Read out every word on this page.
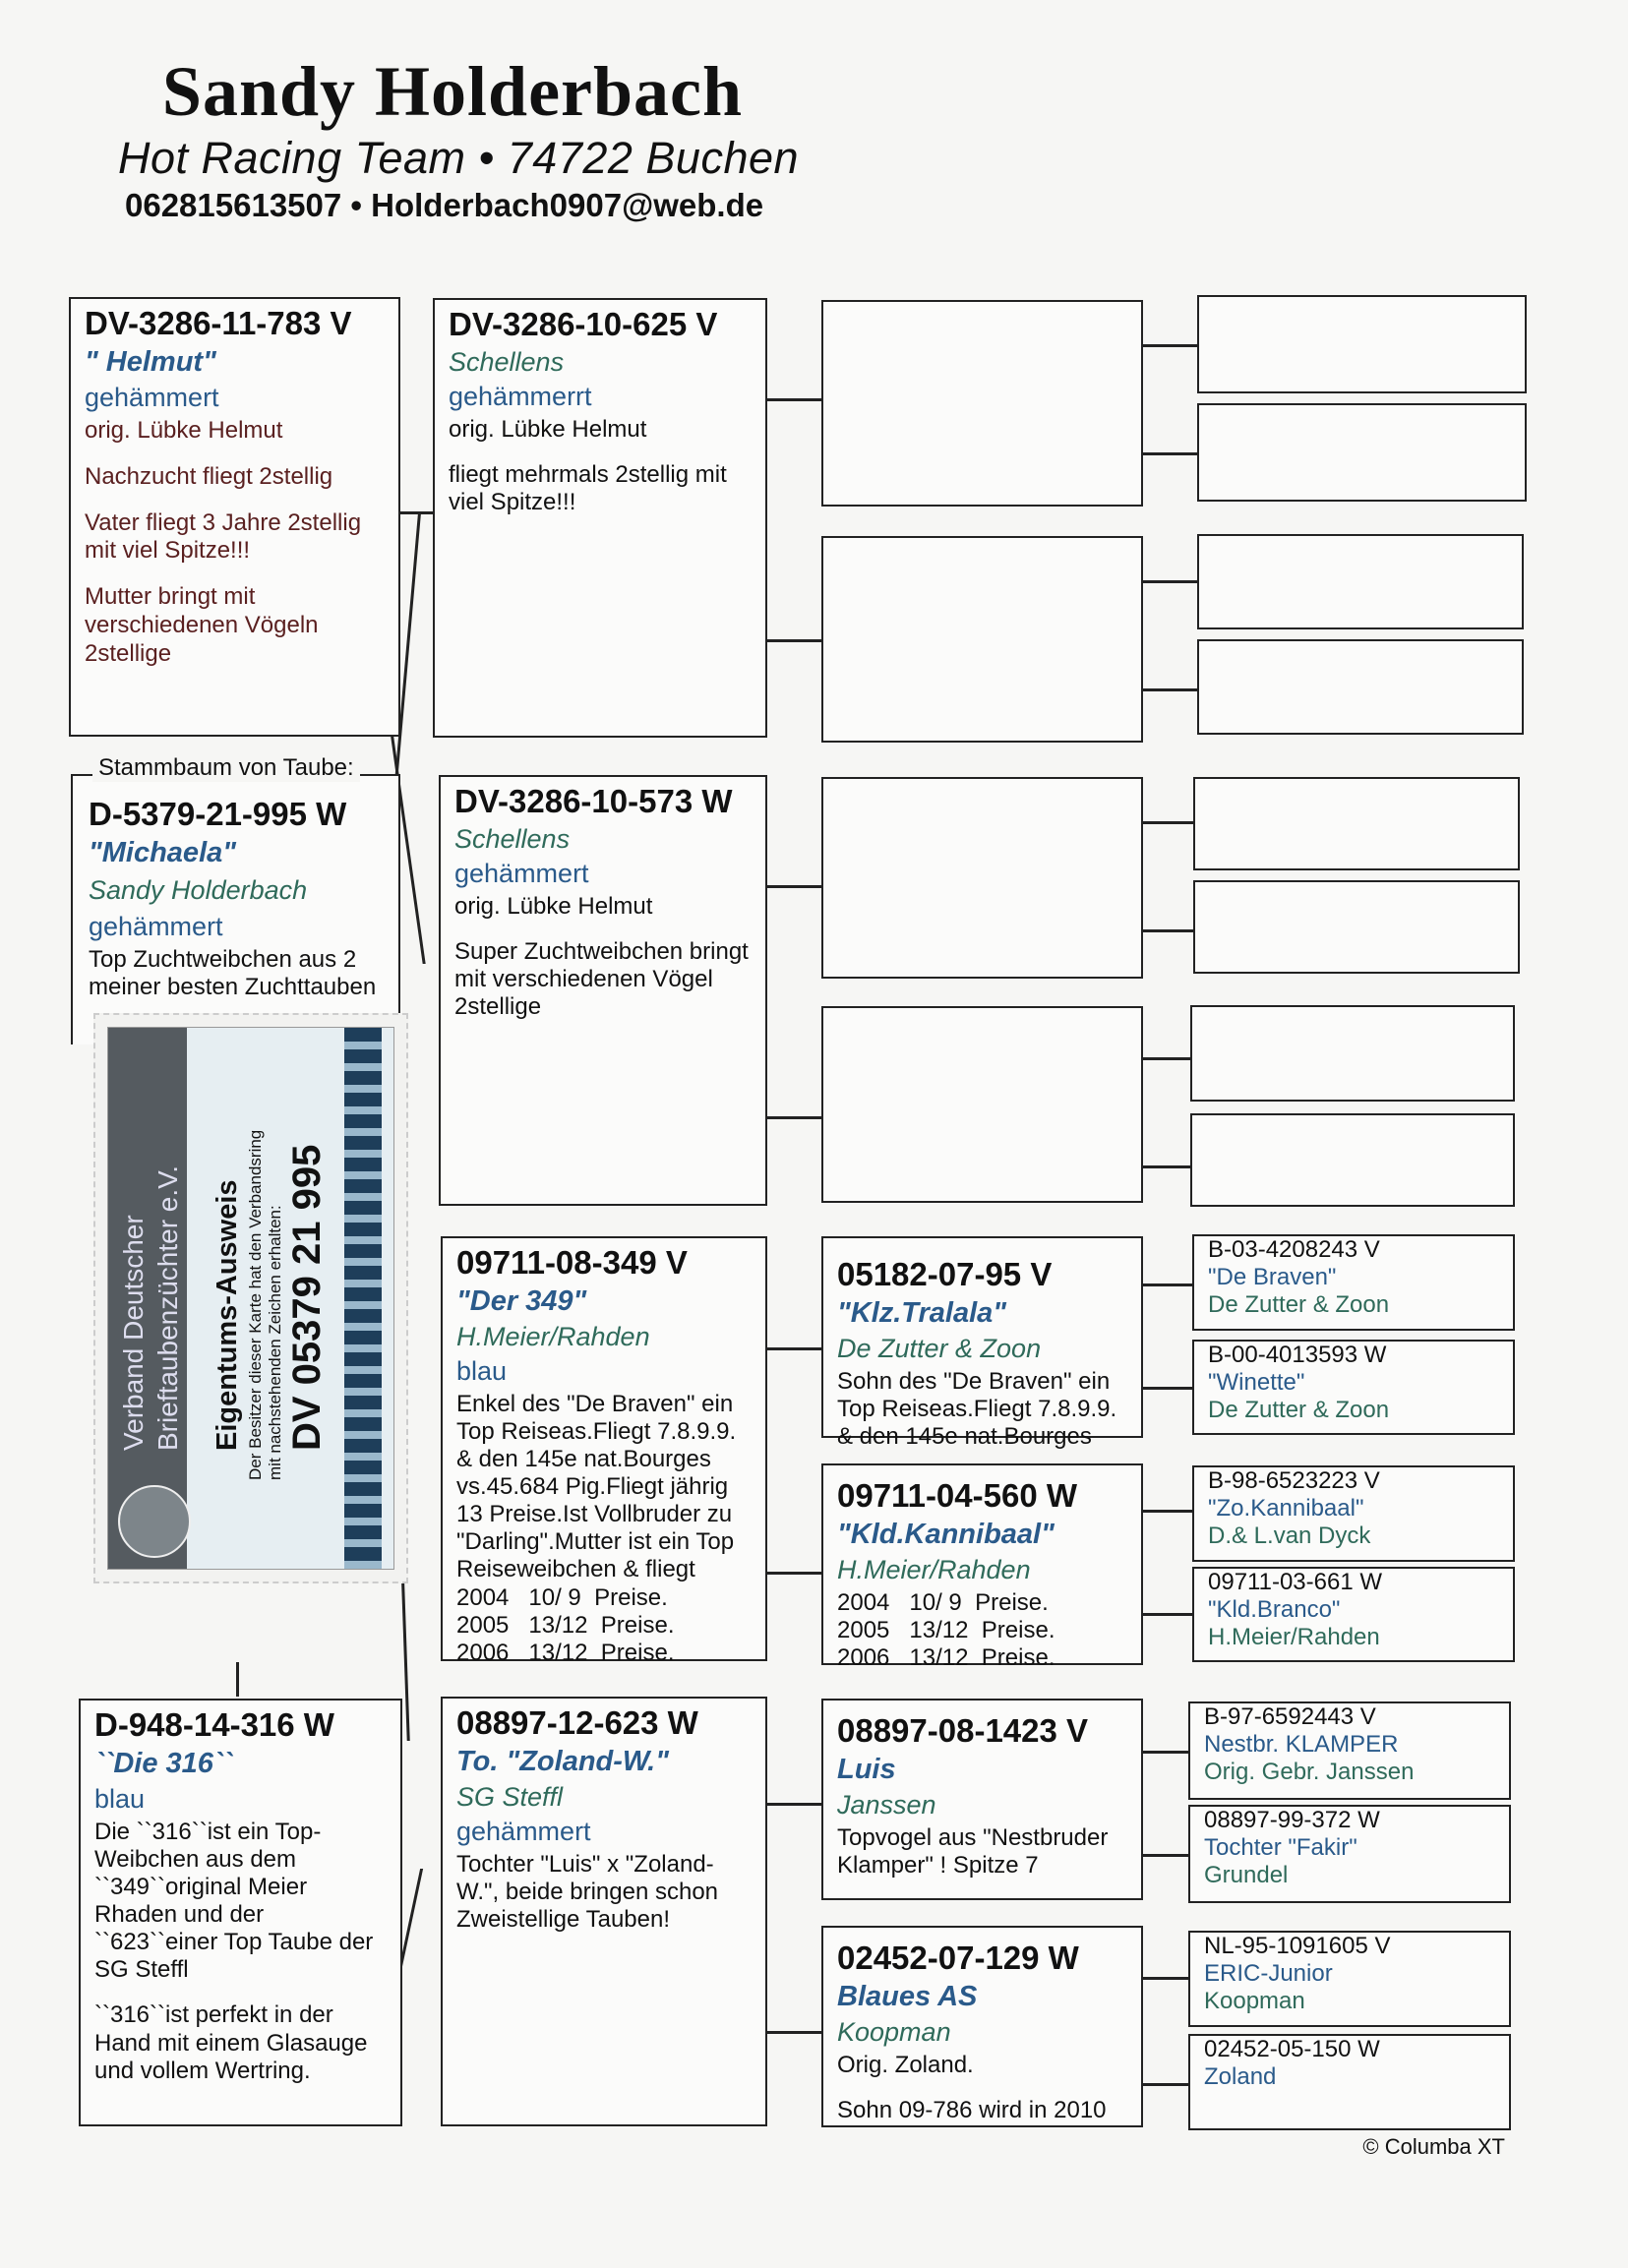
Sandy Holderbach
Hot Racing Team • 74722 Buchen
062815613507 • Holderbach0907@web.de
DV-3286-11-783 V
" Helmut"
gehämmert
orig. Lübke Helmut
Nachzucht fliegt 2stellig
Vater fliegt 3 Jahre 2stellig mit viel Spitze!!!
Mutter bringt mit verschiedenen Vögeln 2stellige
Stammbaum von Taube:
D-5379-21-995 W
"Michaela"
Sandy Holderbach
gehämmert
Top Zuchtweibchen aus 2 meiner besten Zuchttauben
Verband Deutscher Brieftaubenzüchter e.V. Eigentums-Ausweis Der Besitzer dieser Karte hat den Verbandsring mit nachstehenden Zeichen erhalten: DV 05379 21 995
D-948-14-316 W
``Die 316``
blau
Die ``316``ist ein Top-Weibchen aus dem ``349``original Meier Rhaden und der ``623``einer Top Taube der SG Steffl
``316``ist perfekt in der Hand mit einem Glasauge und vollem Wertring.
DV-3286-10-625 V
Schellens
gehämmerrt
orig. Lübke Helmut
fliegt mehrmals 2stellig mit viel Spitze!!!
DV-3286-10-573 W
Schellens
gehämmert
orig. Lübke Helmut
Super Zuchtweibchen bringt mit verschiedenen Vögel 2stellige
09711-08-349 V
"Der 349"
H.Meier/Rahden
blau
Enkel des "De Braven" ein Top Reiseas.Fliegt 7.8.9.9. & den 145e nat.Bourges vs.45.684 Pig.Fliegt jährig 13 Preise.Ist Vollbruder zu "Darling".Mutter ist ein Top Reiseweibchen & fliegt
2004   10/ 9  Preise.
2005   13/12  Preise.
2006   13/12  Preise.
08897-12-623 W
To. "Zoland-W."
SG Steffl
gehämmert
Tochter "Luis" x "Zoland-W.", beide bringen schon Zweistellige Tauben!
05182-07-95 V
"Klz.Tralala"
De Zutter & Zoon
Sohn des "De Braven" ein Top Reiseas.Fliegt 7.8.9.9. & den 145e nat.Bourges
09711-04-560 W
"Kld.Kannibaal"
H.Meier/Rahden
2004   10/ 9  Preise.
2005   13/12  Preise.
2006   13/12  Preise.
08897-08-1423 V
Luis
Janssen
Topvogel aus "Nestbruder Klamper" ! Spitze 7
02452-07-129 W
Blaues AS
Koopman
Orig. Zoland.
Sohn 09-786 wird in 2010
B-03-4208243 V
"De Braven"
De Zutter & Zoon
B-00-4013593 W
"Winette"
De Zutter & Zoon
B-98-6523223 V
"Zo.Kannibaal"
D.& L.van Dyck
09711-03-661 W
"Kld.Branco"
H.Meier/Rahden
B-97-6592443 V
Nestbr. KLAMPER
Orig. Gebr. Janssen
08897-99-372 W
Tochter "Fakir"
Grundel
NL-95-1091605 V
ERIC-Junior
Koopman
02452-05-150 W
Zoland
© Columba XT
